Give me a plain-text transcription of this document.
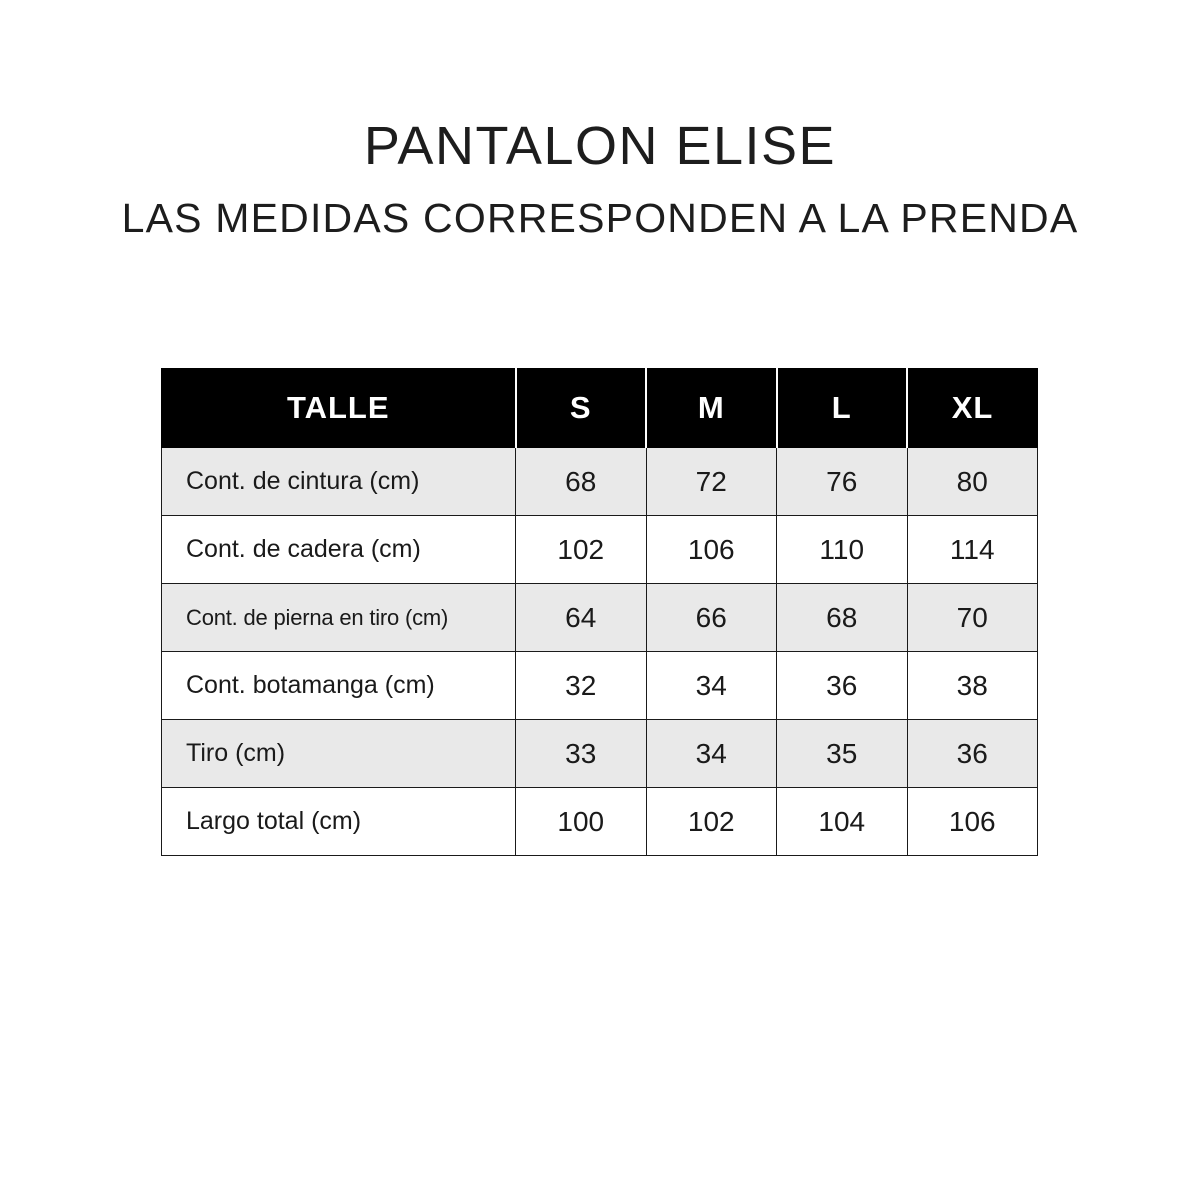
PANTALON ELISE
LAS MEDIDAS CORRESPONDEN A LA PRENDA
TALLE	S	M	L	XL
Cont. de cintura (cm)	68	72	76	80
Cont. de cadera (cm)	102	106	110	114
Cont. de pierna en tiro (cm)	64	66	68	70
Cont. botamanga (cm)	32	34	36	38
Tiro (cm)	33	34	35	36
Largo total (cm)	100	102	104	106
